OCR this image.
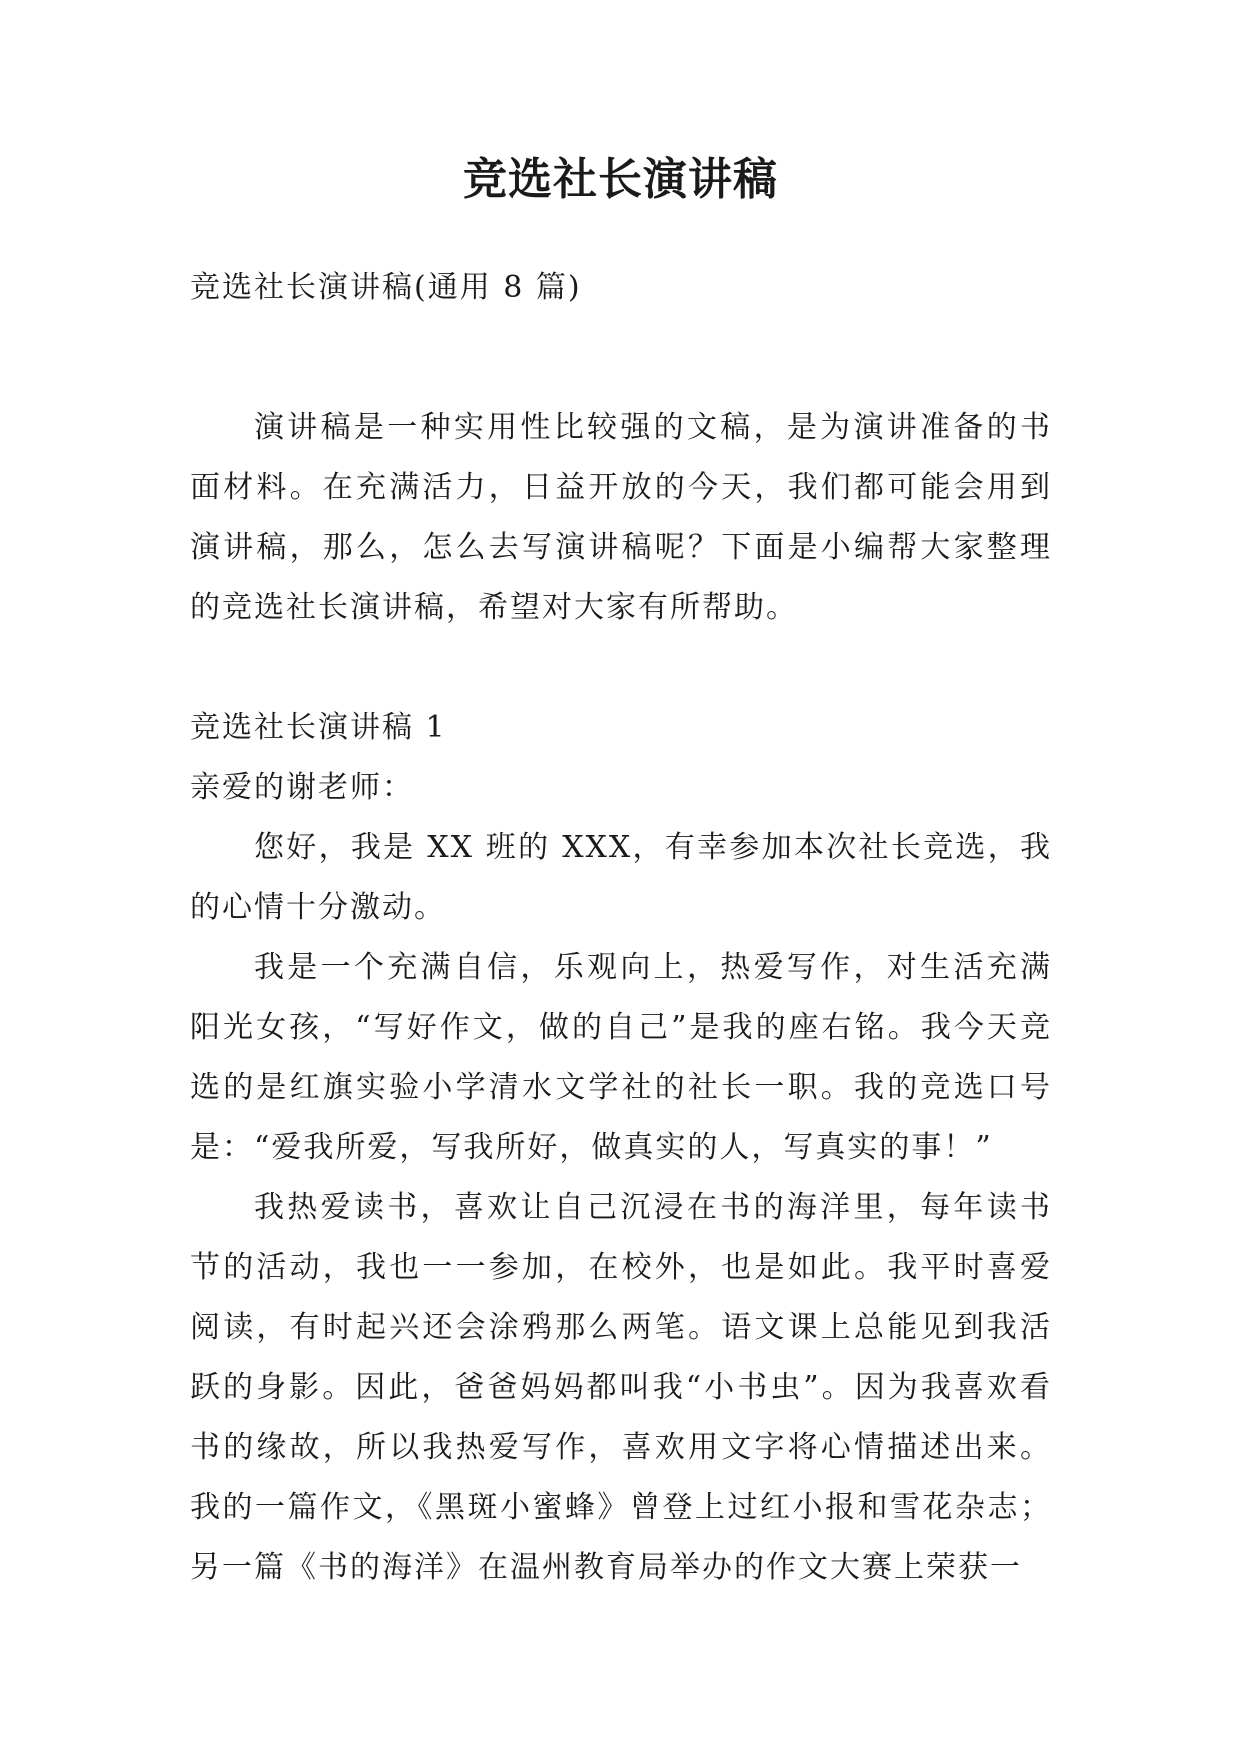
竞选社长演讲稿

竞选社长演讲稿(通用 8 篇)

演讲稿是一种实用性比较强的文稿，是为演讲准备的书面材料。在充满活力，日益开放的今天，我们都可能会用到演讲稿，那么，怎么去写演讲稿呢？下面是小编帮大家整理的竞选社长演讲稿，希望对大家有所帮助。

竞选社长演讲稿 1

亲爱的谢老师：

您好，我是 XX 班的 XXX，有幸参加本次社长竞选，我的心情十分激动。

我是一个充满自信，乐观向上，热爱写作，对生活充满阳光女孩，“写好作文，做的自己”是我的座右铭。我今天竞选的是红旗实验小学清水文学社的社长一职。我的竞选口号是：“爱我所爱，写我所好，做真实的人，写真实的事！”

我热爱读书，喜欢让自己沉浸在书的海洋里，每年读书节的活动，我也一一参加，在校外，也是如此。我平时喜爱阅读，有时起兴还会涂鸦那么两笔。语文课上总能见到我活跃的身影。因此，爸爸妈妈都叫我“小书虫”。因为我喜欢看书的缘故，所以我热爱写作，喜欢用文字将心情描述出来。我的一篇作文，《黑斑小蜜蜂》曾登上过红小报和雪花杂志；另一篇《书的海洋》在温州教育局举办的作文大赛上荣获一
